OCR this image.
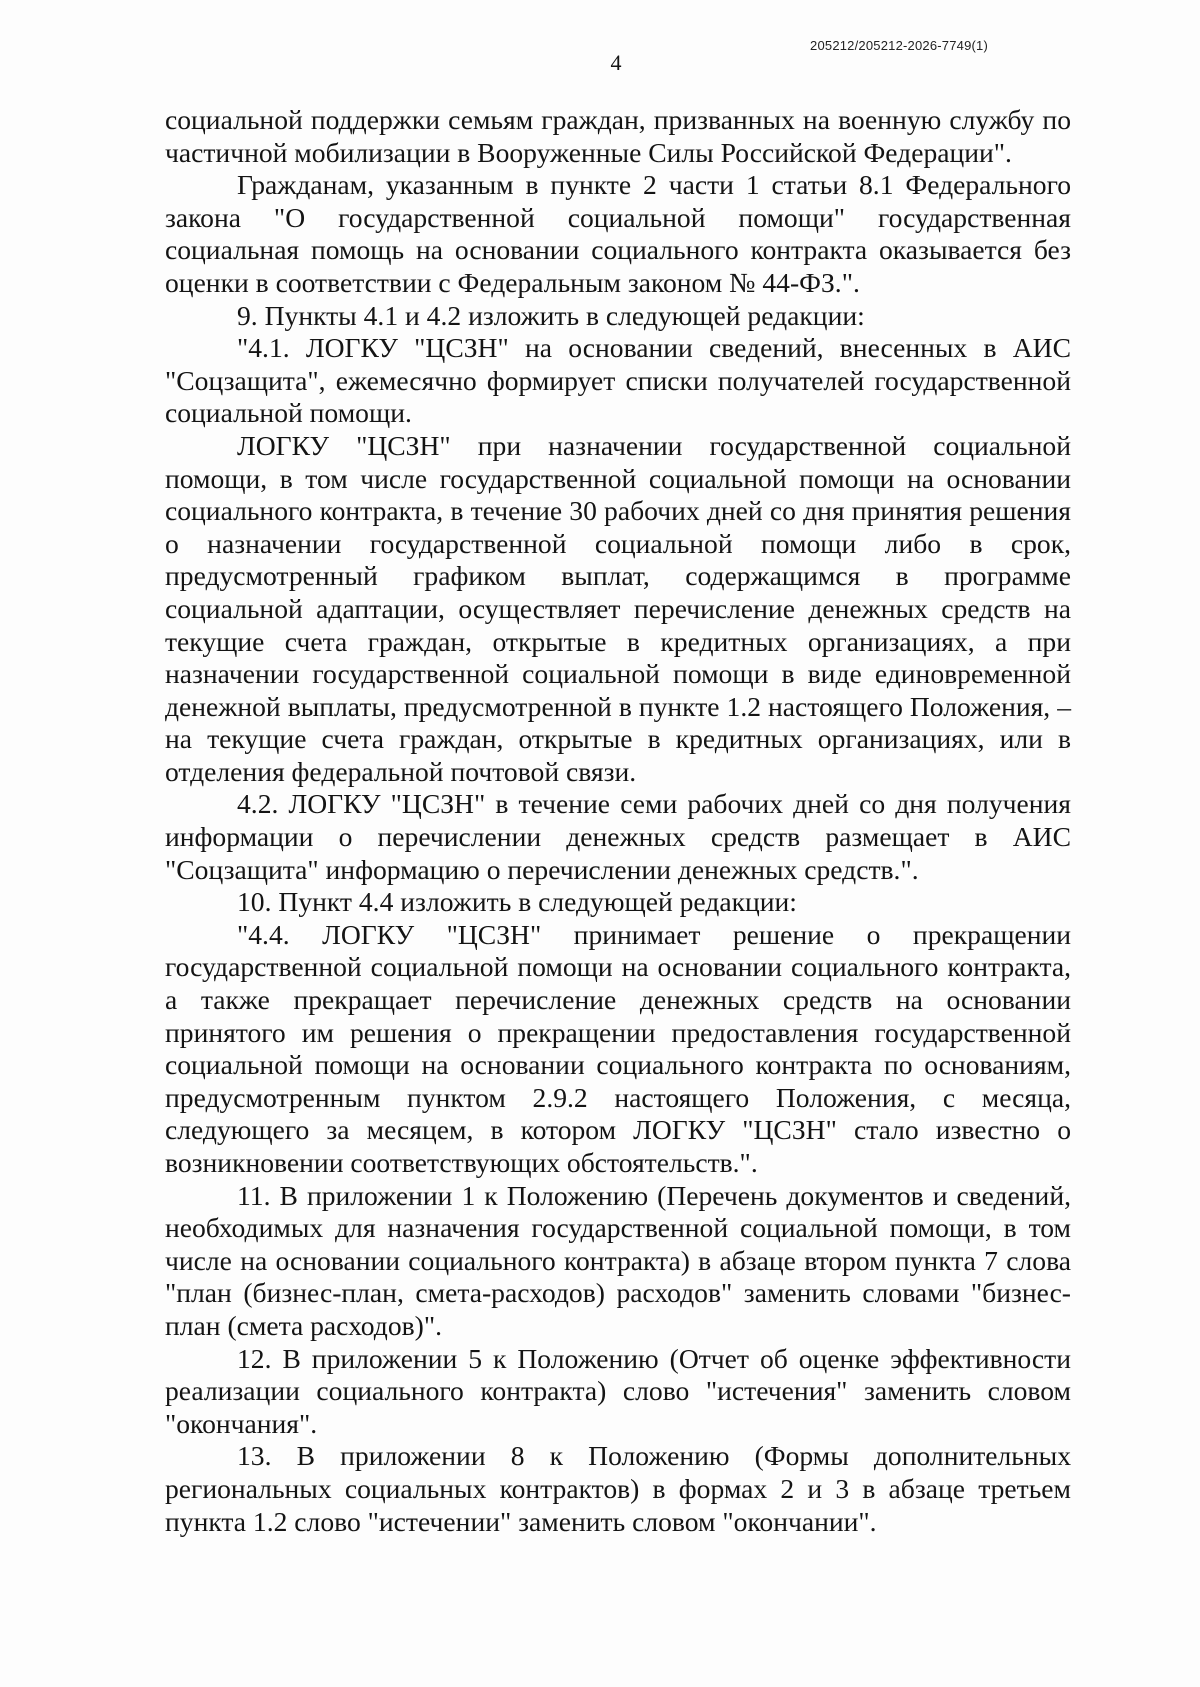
205212/205212-2026-7749(1)
4

социальной поддержки семьям граждан, призванных на военную службу по частичной мобилизации в Вооруженные Силы Российской Федерации".

Гражданам, указанным в пункте 2 части 1 статьи 8.1 Федерального закона "О государственной социальной помощи" государственная социальная помощь на основании социального контракта оказывается без оценки в соответствии с Федеральным законом № 44-ФЗ.".

9. Пункты 4.1 и 4.2 изложить в следующей редакции:

"4.1. ЛОГКУ "ЦСЗН" на основании сведений, внесенных в АИС "Соцзащита", ежемесячно формирует списки получателей государственной социальной помощи.

ЛОГКУ "ЦСЗН" при назначении государственной социальной помощи, в том числе государственной социальной помощи на основании социального контракта, в течение 30 рабочих дней со дня принятия решения о назначении государственной социальной помощи либо в срок, предусмотренный графиком выплат, содержащимся в программе социальной адаптации, осуществляет перечисление денежных средств на текущие счета граждан, открытые в кредитных организациях, а при назначении государственной социальной помощи в виде единовременной денежной выплаты, предусмотренной в пункте 1.2 настоящего Положения, – на текущие счета граждан, открытые в кредитных организациях, или в отделения федеральной почтовой связи.

4.2. ЛОГКУ "ЦСЗН" в течение семи рабочих дней со дня получения информации о перечислении денежных средств размещает в АИС "Соцзащита" информацию о перечислении денежных средств.".

10. Пункт 4.4 изложить в следующей редакции:

"4.4. ЛОГКУ "ЦСЗН" принимает решение о прекращении государственной социальной помощи на основании социального контракта, а также прекращает перечисление денежных средств на основании принятого им решения о прекращении предоставления государственной социальной помощи на основании социального контракта по основаниям, предусмотренным пунктом 2.9.2 настоящего Положения, с месяца, следующего за месяцем, в котором ЛОГКУ "ЦСЗН" стало известно о возникновении соответствующих обстоятельств.".

11. В приложении 1 к Положению (Перечень документов и сведений, необходимых для назначения государственной социальной помощи, в том числе на основании социального контракта) в абзаце втором пункта 7 слова "план (бизнес-план, смета-расходов) расходов" заменить словами "бизнес-план (смета расходов)".

12. В приложении 5 к Положению (Отчет об оценке эффективности реализации социального контракта) слово "истечения" заменить словом "окончания".

13. В приложении 8 к Положению (Формы дополнительных региональных социальных контрактов) в формах 2 и 3 в абзаце третьем пункта 1.2 слово "истечении" заменить словом "окончании".
